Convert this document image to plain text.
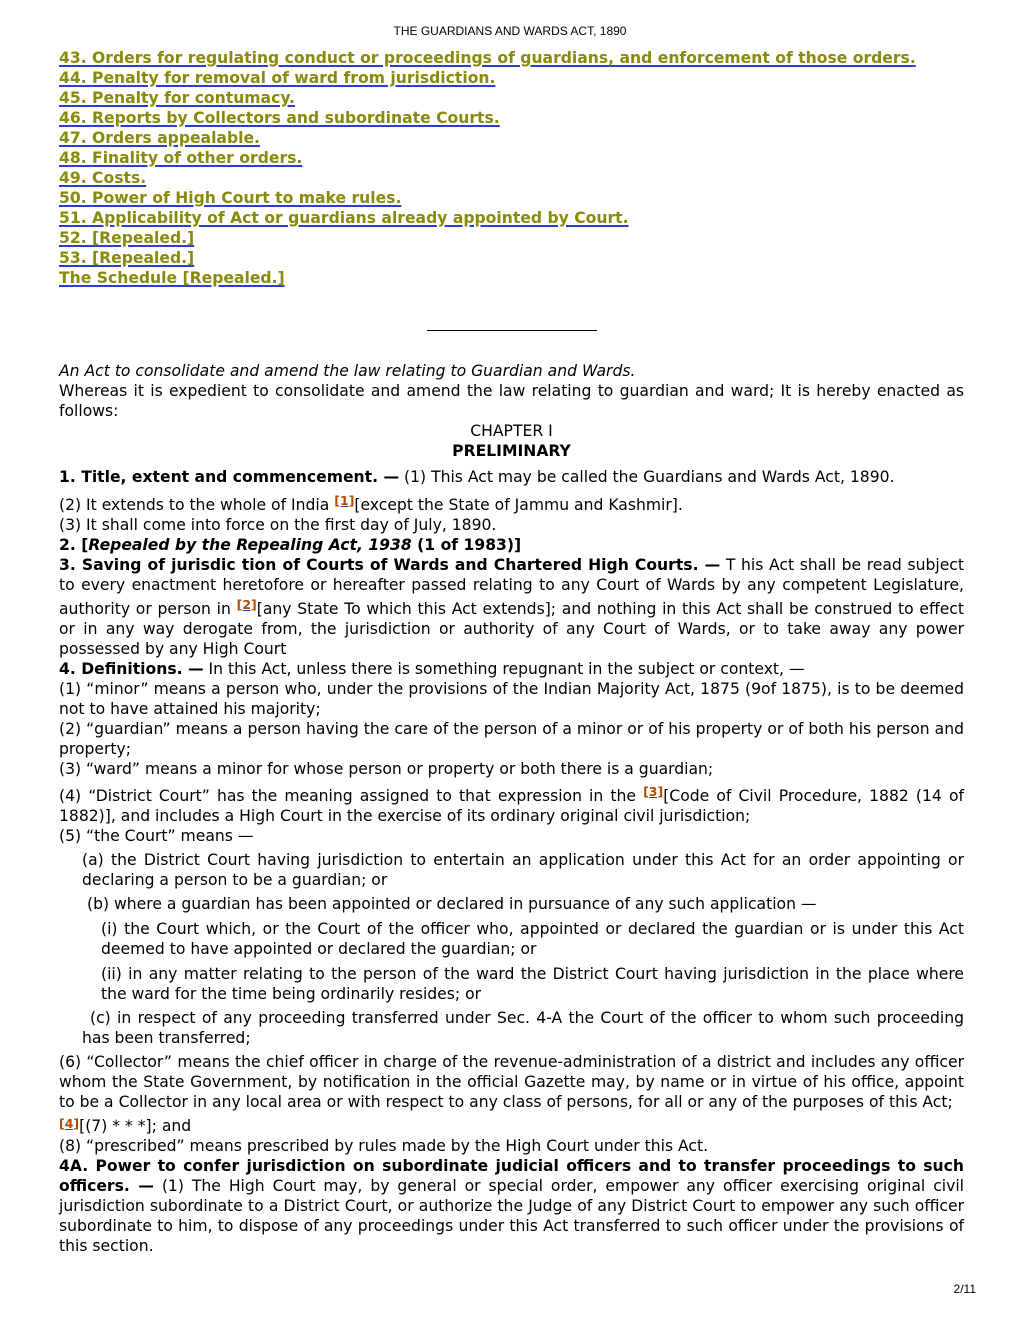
THE GUARDIANS AND WARDS ACT, 1890
43. Orders for regulating conduct or proceedings of guardians, and enforcement of those orders.
44. Penalty for removal of ward from jurisdiction.
45. Penalty for contumacy.
46. Reports by Collectors and subordinate Courts.
47. Orders appealable.
48. Finality of other orders.
49. Costs.
50. Power of High Court to make rules.
51. Applicability of Act or guardians already appointed by Court.
52. [Repealed.]
53. [Repealed.]
The Schedule [Repealed.]

An Act to consolidate and amend the law relating to Guardian and Wards.

Whereas it is expedient to consolidate and amend the law relating to guardian and ward; It is hereby enacted as follows:

CHAPTER I

PRELIMINARY

1. Title, extent and commencement. — (1) This Act may be called the Guardians and Wards Act, 1890.

(2) It extends to the whole of India [1][except the State of Jammu and Kashmir].

(3) It shall come into force on the first day of July, 1890.

2. [Repealed by the Repealing Act, 1938 (1 of 1983)]

3. Saving of jurisdic tion of Courts of Wards and Chartered High Courts. — T his Act shall be read subject to every enactment heretofore or hereafter passed relating to any Court of Wards by any competent Legislature, authority or person in [2][any State To which this Act extends]; and nothing in this Act shall be construed to effect or in any way derogate from, the jurisdiction or authority of any Court of Wards, or to take away any power possessed by any High Court

4. Definitions. — In this Act, unless there is something repugnant in the subject or context, —

(1) “minor” means a person who, under the provisions of the Indian Majority Act, 1875 (9of 1875), is to be deemed not to have attained his majority;

(2) “guardian” means a person having the care of the person of a minor or of his property or of both his person and property;

(3) “ward” means a minor for whose person or property or both there is a guardian;

(4) “District Court” has the meaning assigned to that expression in the [3][Code of Civil Procedure, 1882 (14 of 1882)], and includes a High Court in the exercise of its ordinary original civil jurisdiction;

(5) “the Court” means —

(a) the District Court having jurisdiction to entertain an application under this Act for an order appointing or declaring a person to be a guardian; or

(b) where a guardian has been appointed or declared in pursuance of any such application —

(i) the Court which, or the Court of the officer who, appointed or declared the guardian or is under this Act deemed to have appointed or declared the guardian; or

(ii) in any matter relating to the person of the ward the District Court having jurisdiction in the place where the ward for the time being ordinarily resides; or

(c) in respect of any proceeding transferred under Sec. 4-A the Court of the officer to whom such proceeding has been transferred;

(6) “Collector” means the chief officer in charge of the revenue-administration of a district and includes any officer whom the State Government, by notification in the official Gazette may, by name or in virtue of his office, appoint to be a Collector in any local area or with respect to any class of persons, for all or any of the purposes of this Act;

[4][(7) * * *]; and

(8) “prescribed” means prescribed by rules made by the High Court under this Act.

4A. Power to confer jurisdiction on subordinate judicial officers and to transfer proceedings to such officers. — (1) The High Court may, by general or special order, empower any officer exercising original civil jurisdiction subordinate to a District Court, or authorize the Judge of any District Court to empower any such officer subordinate to him, to dispose of any proceedings under this Act transferred to such officer under the provisions of this section.

2/11
